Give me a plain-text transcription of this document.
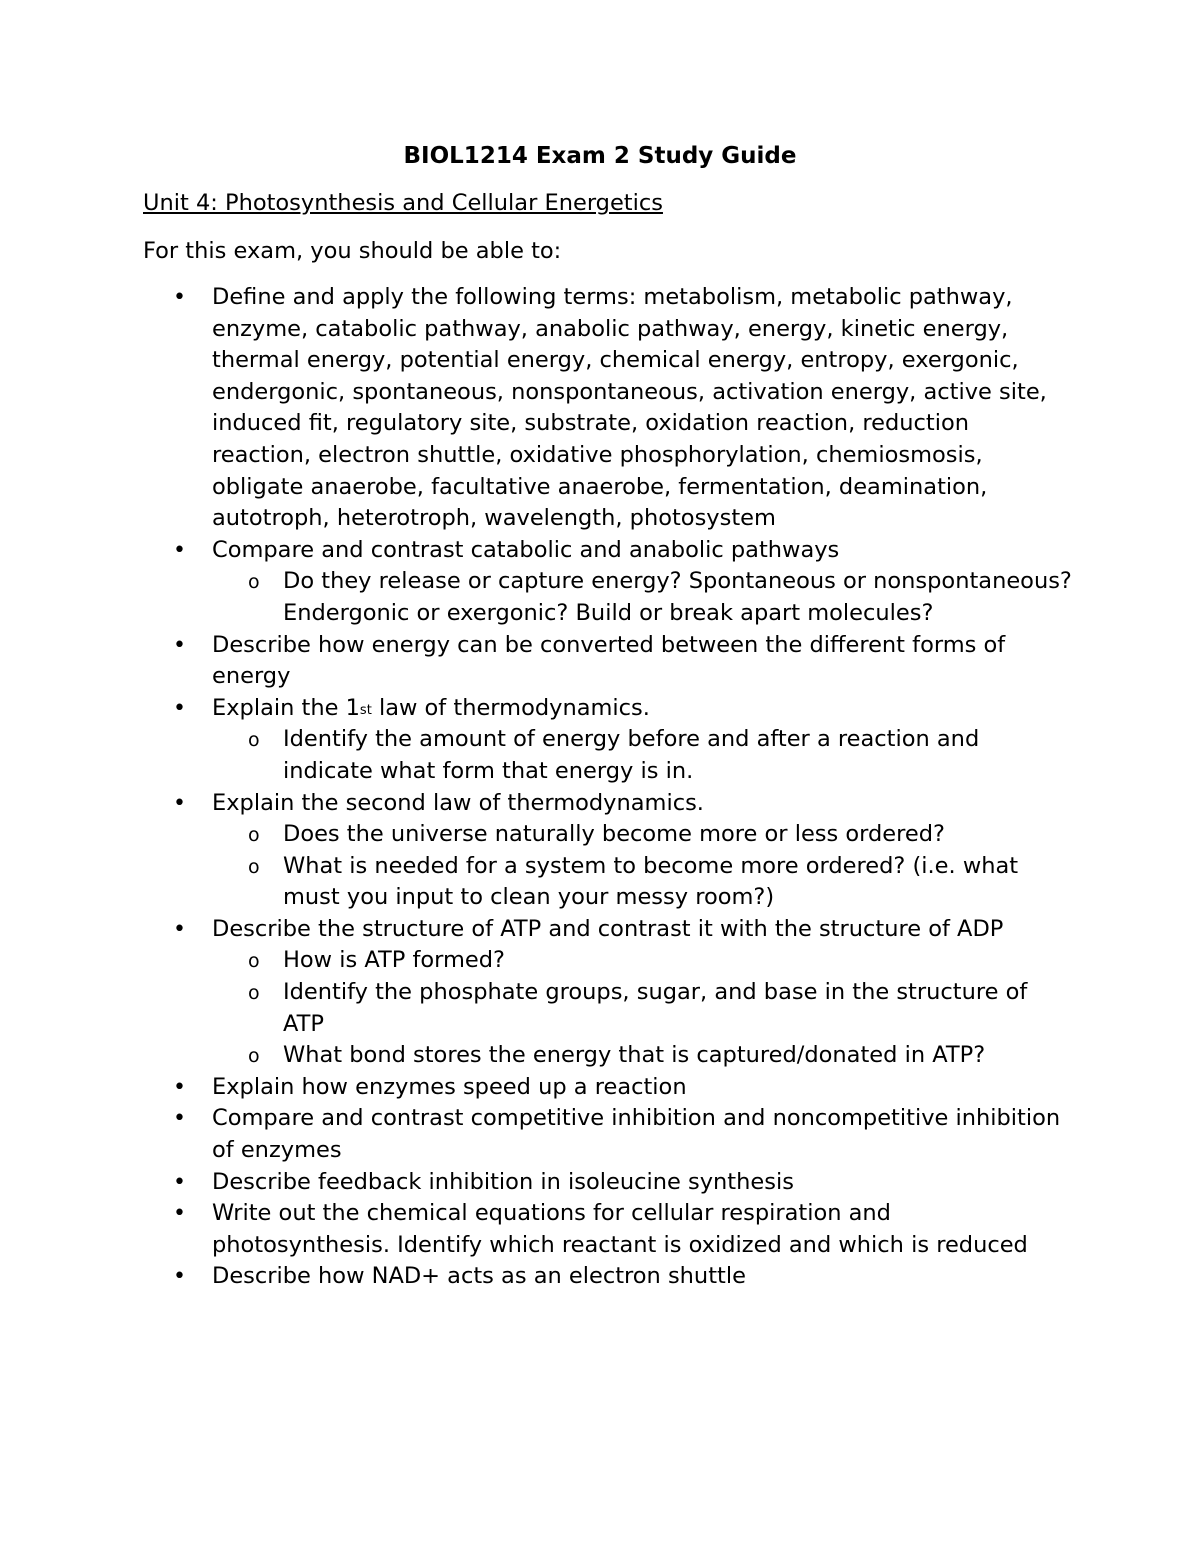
BIOL1214 Exam 2 Study Guide

Unit 4: Photosynthesis and Cellular Energetics

For this exam, you should be able to:

• Define and apply the following terms: metabolism, metabolic pathway, enzyme, catabolic pathway, anabolic pathway, energy, kinetic energy, thermal energy, potential energy, chemical energy, entropy, exergonic, endergonic, spontaneous, nonspontaneous, activation energy, active site, induced fit, regulatory site, substrate, oxidation reaction, reduction reaction, electron shuttle, oxidative phosphorylation, chemiosmosis, obligate anaerobe, facultative anaerobe, fermentation, deamination, autotroph, heterotroph, wavelength, photosystem
• Compare and contrast catabolic and anabolic pathways
o Do they release or capture energy? Spontaneous or nonspontaneous? Endergonic or exergonic? Build or break apart molecules?
• Describe how energy can be converted between the different forms of energy
• Explain the 1st law of thermodynamics.
o Identify the amount of energy before and after a reaction and indicate what form that energy is in.
• Explain the second law of thermodynamics.
o Does the universe naturally become more or less ordered?
o What is needed for a system to become more ordered? (i.e. what must you input to clean your messy room?)
• Describe the structure of ATP and contrast it with the structure of ADP
o How is ATP formed?
o Identify the phosphate groups, sugar, and base in the structure of ATP
o What bond stores the energy that is captured/donated in ATP?
• Explain how enzymes speed up a reaction
• Compare and contrast competitive inhibition and noncompetitive inhibition of enzymes
• Describe feedback inhibition in isoleucine synthesis
• Write out the chemical equations for cellular respiration and photosynthesis. Identify which reactant is oxidized and which is reduced
• Describe how NAD+ acts as an electron shuttle
